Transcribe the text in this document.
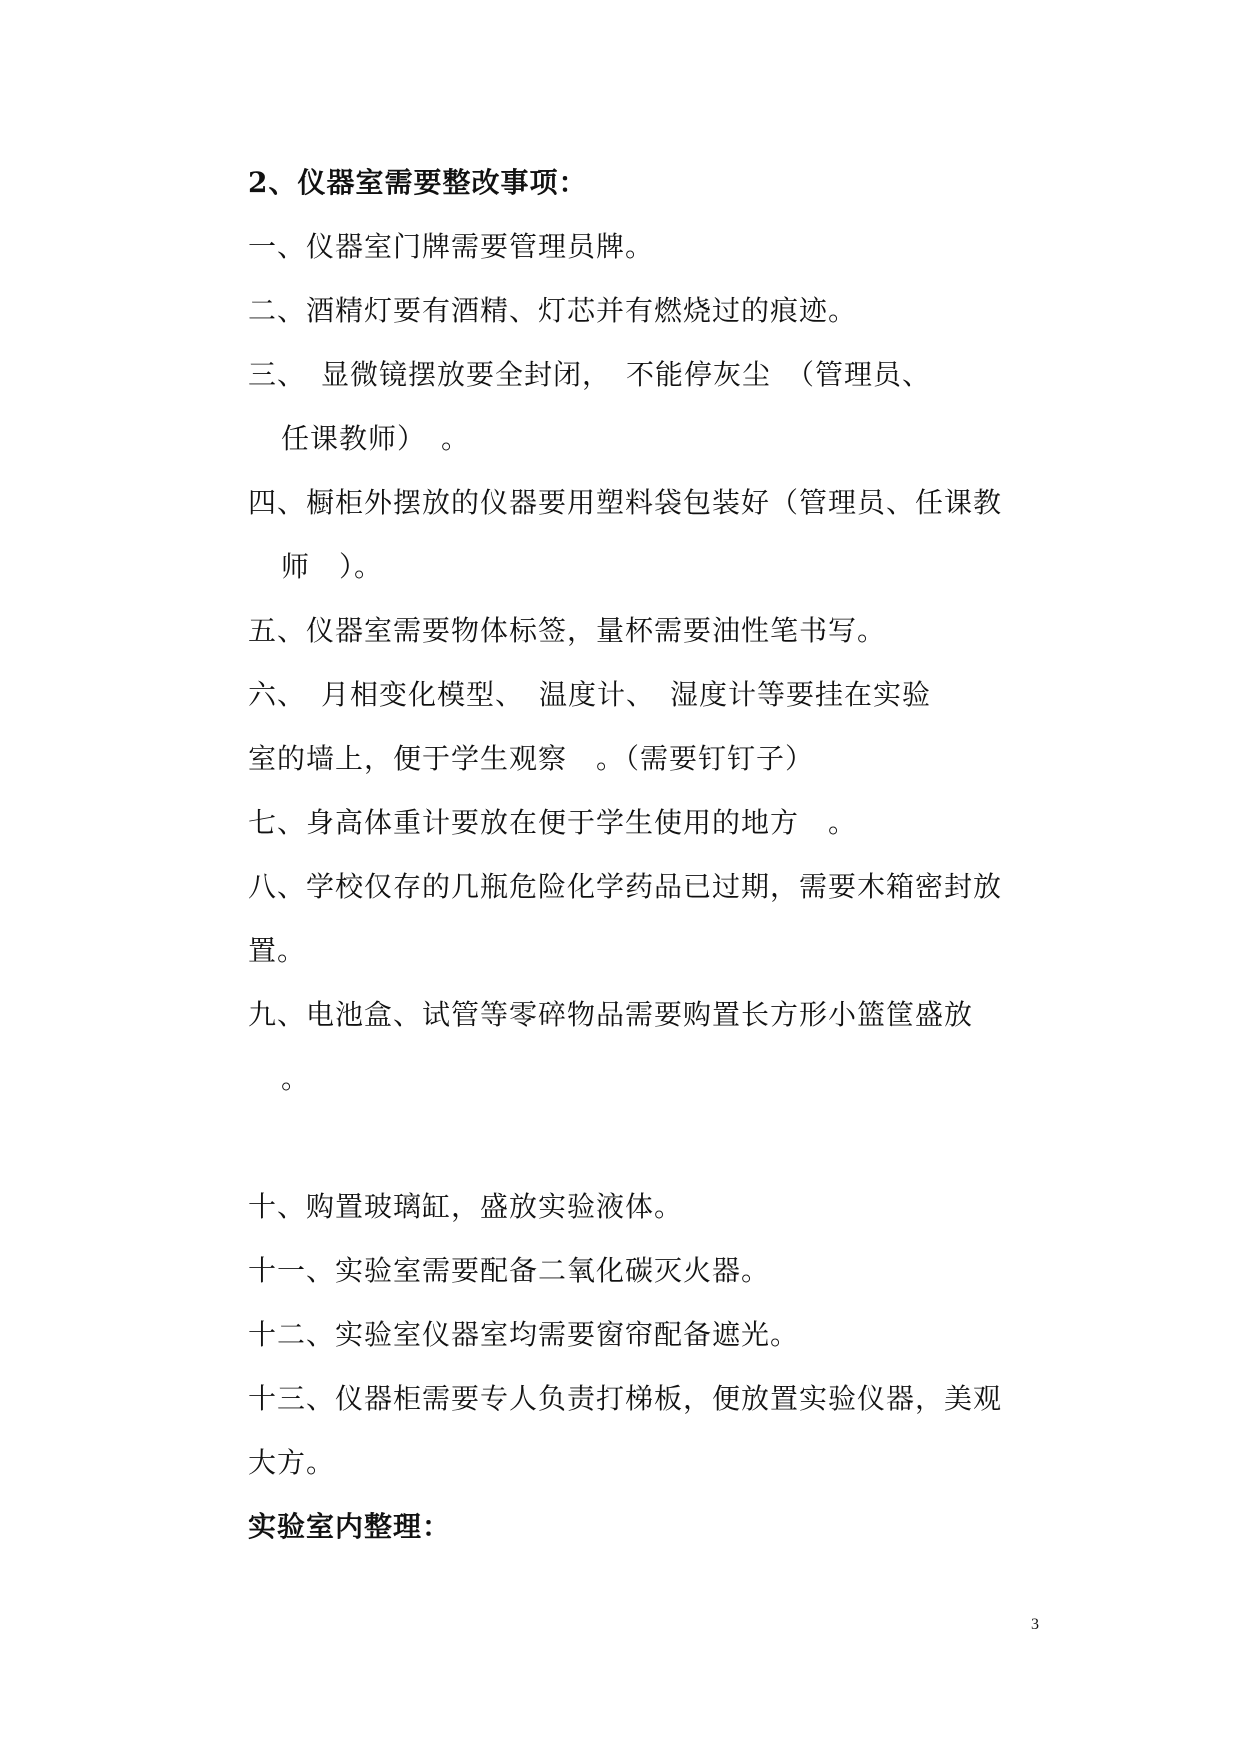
2、仪器室需要整改事项：
一、仪器室门牌需要管理员牌。
二、酒精灯要有酒精、灯芯并有燃烧过的痕迹。
三、　显微镜摆放要全封闭，　不能停灰尘　（管理员、
任课教师）　。
四、橱柜外摆放的仪器要用塑料袋包装好（管理员、任课教
师　）。
五、仪器室需要物体标签，量杯需要油性笔书写。
六、　月相变化模型、　温度计、　湿度计等要挂在实验
室的墙上，便于学生观察　。（需要钉钉子）
七、身高体重计要放在便于学生使用的地方　。
八、学校仅存的几瓶危险化学药品已过期，需要木箱密封放
置。
九、电池盒、试管等零碎物品需要购置长方形小篮筐盛放
。
十、购置玻璃缸，盛放实验液体。
十一、实验室需要配备二氧化碳灭火器。
十二、实验室仪器室均需要窗帘配备遮光。
十三、仪器柜需要专人负责打梯板，便放置实验仪器，美观
大方。
实验室内整理：
3
